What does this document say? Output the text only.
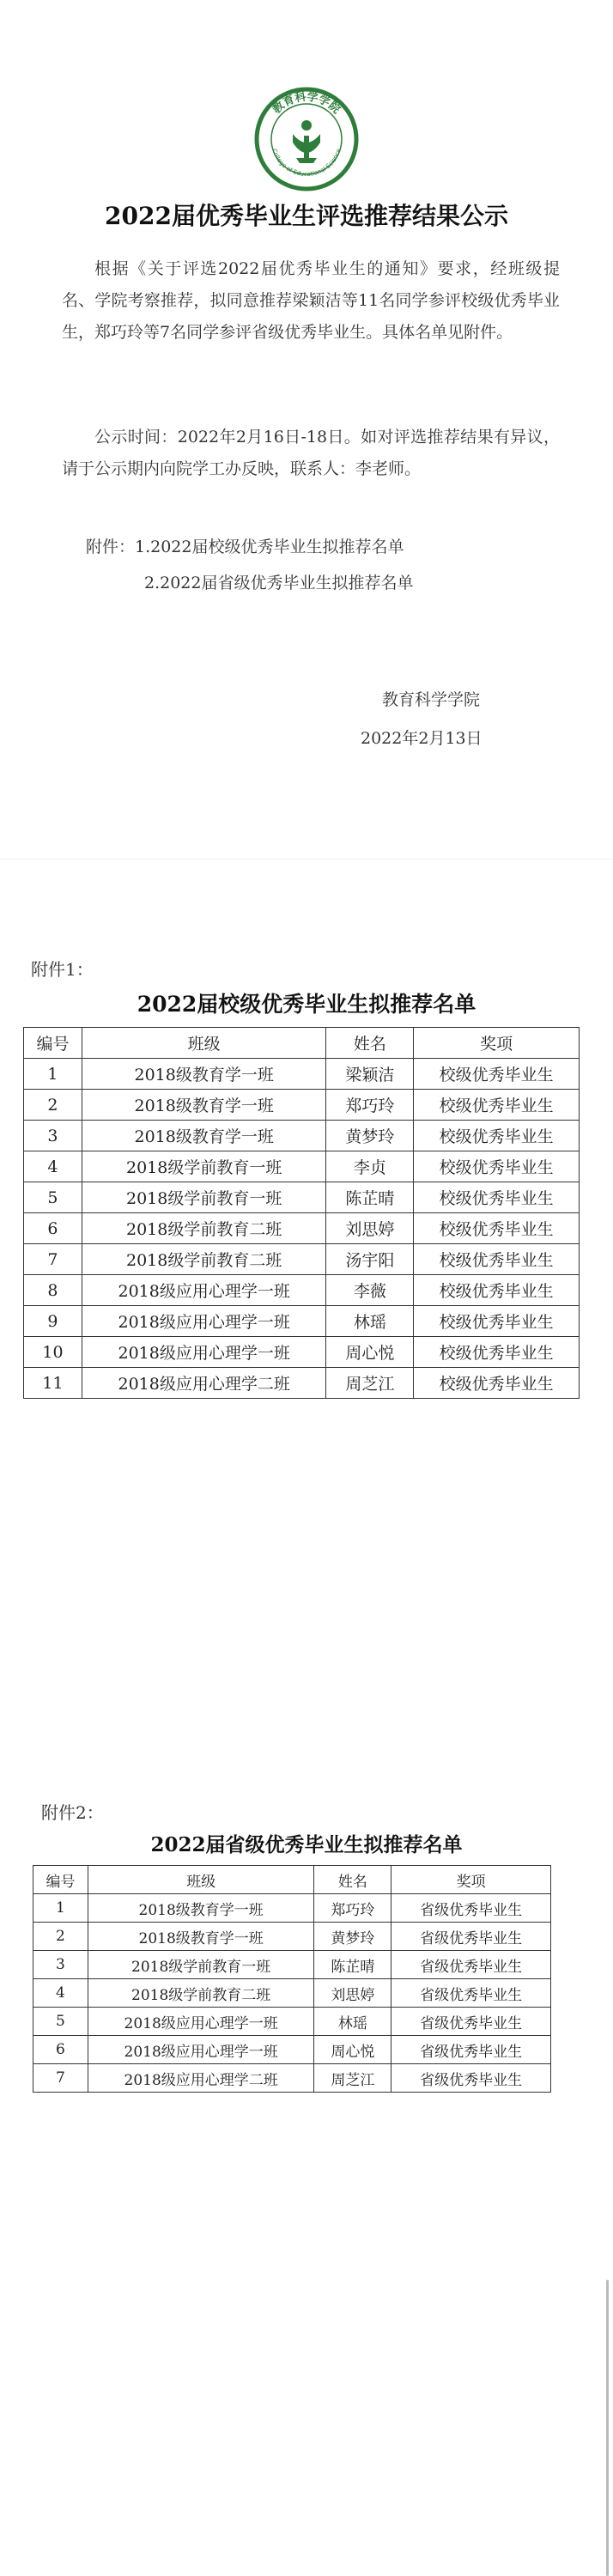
教育科学学院
College of Educational Science
2022届优秀毕业生评选推荐结果公示
根据《关于评选2022届优秀毕业生的通知》要求，经班级提名、学院考察推荐，拟同意推荐梁颖洁等11名同学参评校级优秀毕业生，郑巧玲等7名同学参评省级优秀毕业生。具体名单见附件。
公示时间：2022年2月16日-18日。如对评选推荐结果有异议，请于公示期内向院学工办反映，联系人：李老师。
附件：1.2022届校级优秀毕业生拟推荐名单
2.2022届省级优秀毕业生拟推荐名单
教育科学学院
2022年2月13日
附件1：
2022届校级优秀毕业生拟推荐名单
编号	班级	姓名	奖项
1	2018级教育学一班	梁颖洁	校级优秀毕业生
2	2018级教育学一班	郑巧玲	校级优秀毕业生
3	2018级教育学一班	黄梦玲	校级优秀毕业生
4	2018级学前教育一班	李贞	校级优秀毕业生
5	2018级学前教育一班	陈芷晴	校级优秀毕业生
6	2018级学前教育二班	刘思婷	校级优秀毕业生
7	2018级学前教育二班	汤宇阳	校级优秀毕业生
8	2018级应用心理学一班	李薇	校级优秀毕业生
9	2018级应用心理学一班	林瑶	校级优秀毕业生
10	2018级应用心理学一班	周心悦	校级优秀毕业生
11	2018级应用心理学二班	周芝江	校级优秀毕业生
附件2：
2022届省级优秀毕业生拟推荐名单
编号	班级	姓名	奖项
1	2018级教育学一班	郑巧玲	省级优秀毕业生
2	2018级教育学一班	黄梦玲	省级优秀毕业生
3	2018级学前教育一班	陈芷晴	省级优秀毕业生
4	2018级学前教育二班	刘思婷	省级优秀毕业生
5	2018级应用心理学一班	林瑶	省级优秀毕业生
6	2018级应用心理学一班	周心悦	省级优秀毕业生
7	2018级应用心理学二班	周芝江	省级优秀毕业生
